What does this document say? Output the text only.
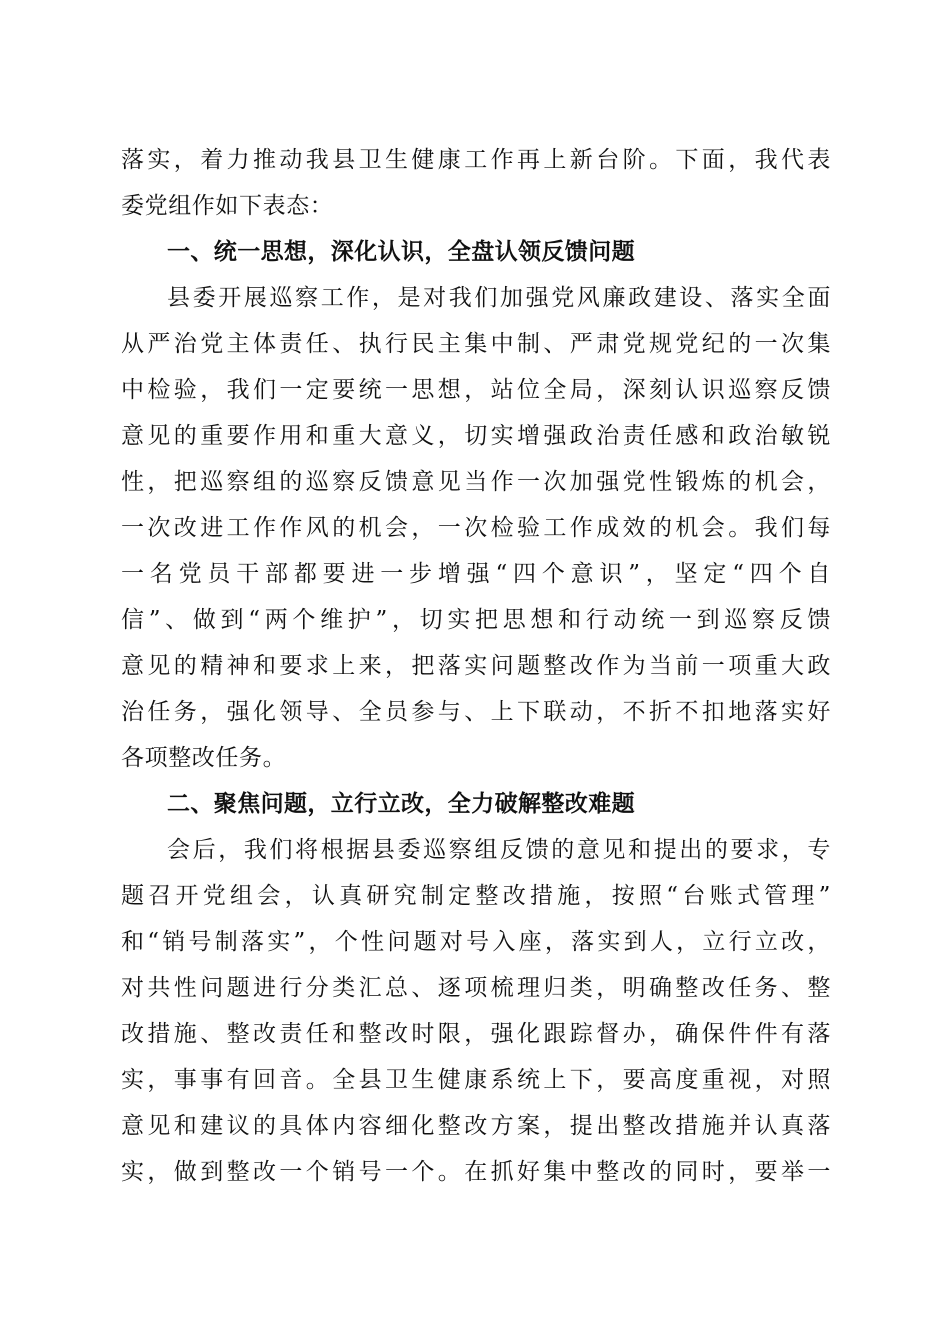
落实，着力推动我县卫生健康工作再上新台阶。下面，我代表
委党组作如下表态：
一、统一思想，深化认识，全盘认领反馈问题
县委开展巡察工作，是对我们加强党风廉政建设、落实全面
从严治党主体责任、执行民主集中制、严肃党规党纪的一次集
中检验，我们一定要统一思想，站位全局，深刻认识巡察反馈
意见的重要作用和重大意义，切实增强政治责任感和政治敏锐
性，把巡察组的巡察反馈意见当作一次加强党性锻炼的机会，
一次改进工作作风的机会，一次检验工作成效的机会。我们每
一名党员干部都要进一步增强“四个意识”，坚定“四个自
信”、做到“两个维护”，切实把思想和行动统一到巡察反馈
意见的精神和要求上来，把落实问题整改作为当前一项重大政
治任务，强化领导、全员参与、上下联动，不折不扣地落实好
各项整改任务。
二、聚焦问题，立行立改，全力破解整改难题
会后，我们将根据县委巡察组反馈的意见和提出的要求，专
题召开党组会，认真研究制定整改措施，按照“台账式管理”
和“销号制落实”，个性问题对号入座，落实到人，立行立改，
对共性问题进行分类汇总、逐项梳理归类，明确整改任务、整
改措施、整改责任和整改时限，强化跟踪督办，确保件件有落
实，事事有回音。全县卫生健康系统上下，要高度重视，对照
意见和建议的具体内容细化整改方案，提出整改措施并认真落
实，做到整改一个销号一个。在抓好集中整改的同时，要举一
